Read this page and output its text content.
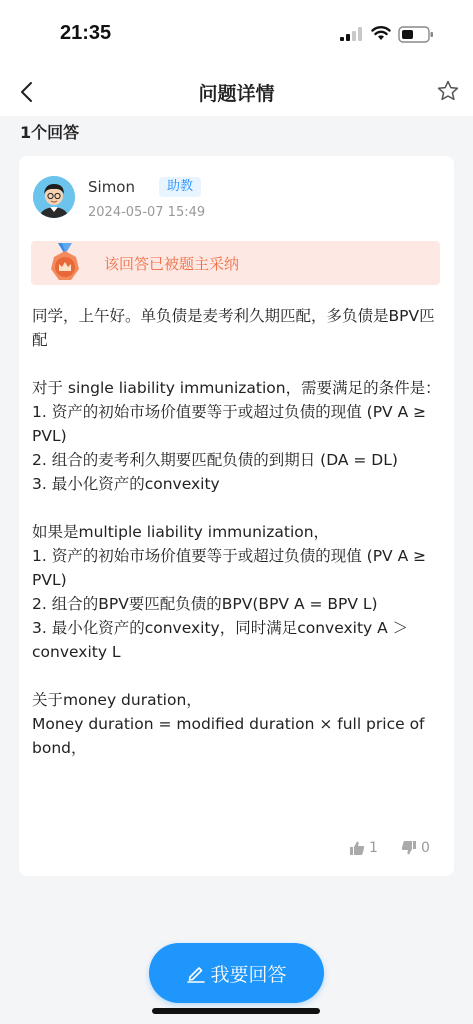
21:35
问题详情
1个回答
Simon	助教
2024-05-07 15:49
该回答已被题主采纳
同学，上午好。单负债是麦考利久期匹配，多负债是BPV匹配

对于 single liability immunization，需要满足的条件是：
1. 资产的初始市场价值要等于或超过负债的现值 (PV A ≥ PVL)
2. 组合的麦考利久期要匹配负债的到期日 (DA = DL)
3. 最小化资产的convexity

如果是multiple liability immunization，
1. 资产的初始市场价值要等于或超过负债的现值 (PV A ≥ PVL)
2. 组合的BPV要匹配负债的BPV(BPV A = BPV L)
3. 最小化资产的convexity，同时满足convexity A ＞convexity L

关于money duration，
Money duration = modified duration × full price of bond，
1	0
我要回答
